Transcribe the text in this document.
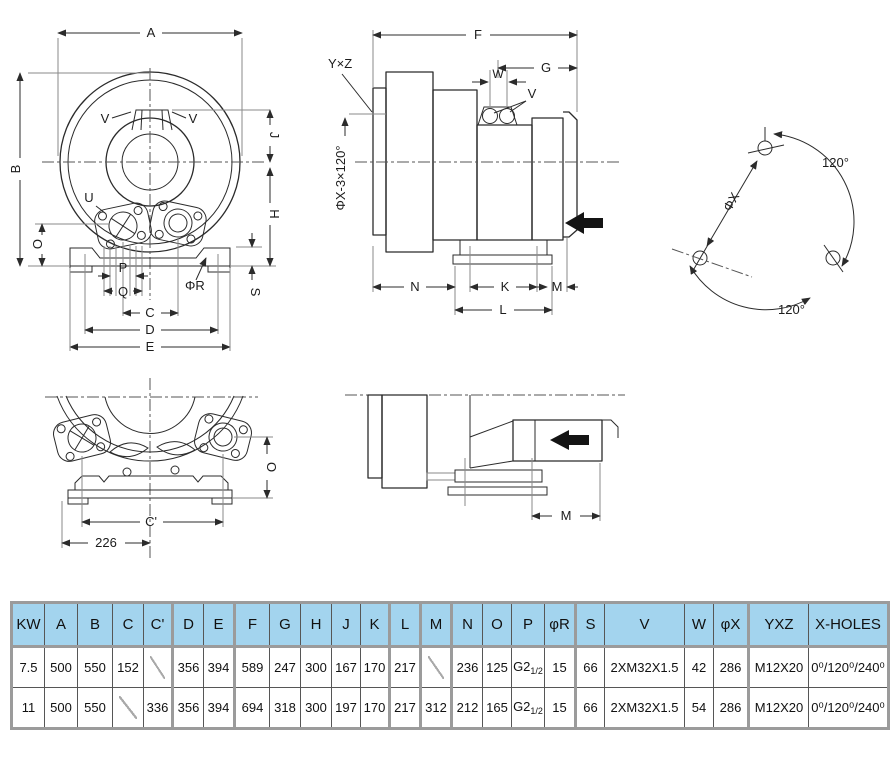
A
B
V	V
J
H
S
O
U
P
Q	ΦR
C
D
E
F
G
W
V
Y×Z
ΦX-3×120°
N	K	M
L
ΦX
120°
120°
O
C'
226
M
KW	A	B	C	C'	D	E	F	G	H	J	K	L	M	N	O	P	φR	S	V	W	φX	YXZ	X-HOLES
7.5	500	550	152		356	394	589	247	300	167	170	217		236	125	$G2_{1/2}$	15	66	2XM32X1.5	42	286	M12X20	0⁰/120⁰/240⁰
11	500	550		336	356	394	694	318	300	197	170	217	312	212	165	$G2_{1/2}$	15	66	2XM32X1.5	54	286	M12X20	0⁰/120⁰/240⁰
